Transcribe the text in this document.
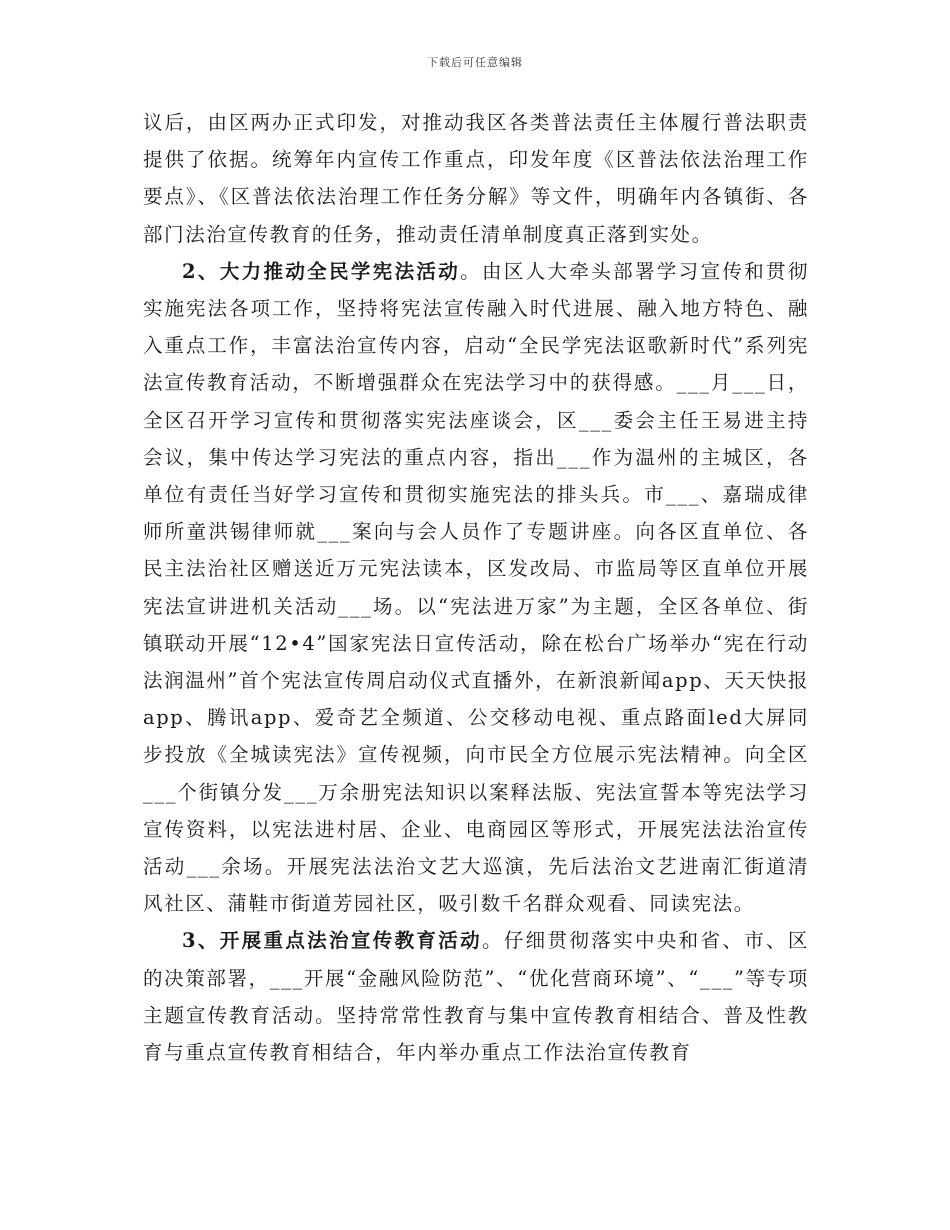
下载后可任意编辑

议后，由区两办正式印发，对推动我区各类普法责任主体履行普法职责提供了依据。统筹年内宣传工作重点，印发年度《区普法依法治理工作要点》、《区普法依法治理工作任务分解》等文件，明确年内各镇街、各部门法治宣传教育的任务，推动责任清单制度真正落到实处。

2、大力推动全民学宪法活动。由区人大牵头部署学习宣传和贯彻实施宪法各项工作，坚持将宪法宣传融入时代进展、融入地方特色、融入重点工作，丰富法治宣传内容，启动“全民学宪法讴歌新时代”系列宪法宣传教育活动，不断增强群众在宪法学习中的获得感。___月___日，全区召开学习宣传和贯彻落实宪法座谈会，区___委会主任王易进主持会议，集中传达学习宪法的重点内容，指出___作为温州的主城区，各单位有责任当好学习宣传和贯彻实施宪法的排头兵。市___、嘉瑞成律师所童洪锡律师就___案向与会人员作了专题讲座。向各区直单位、各民主法治社区赠送近万元宪法读本，区发改局、市监局等区直单位开展宪法宣讲进机关活动___场。以“宪法进万家”为主题，全区各单位、街镇联动开展“12•4”国家宪法日宣传活动，除在松台广场举办“宪在行动法润温州”首个宪法宣传周启动仪式直播外，在新浪新闻app、天天快报app、腾讯app、爱奇艺全频道、公交移动电视、重点路面led大屏同步投放《全城读宪法》宣传视频，向市民全方位展示宪法精神。向全区___个街镇分发___万余册宪法知识以案释法版、宪法宣誓本等宪法学习宣传资料，以宪法进村居、企业、电商园区等形式，开展宪法法治宣传活动___余场。开展宪法法治文艺大巡演，先后法治文艺进南汇街道清风社区、蒲鞋市街道芳园社区，吸引数千名群众观看、同读宪法。

3、开展重点法治宣传教育活动。仔细贯彻落实中央和省、市、区的决策部署，___开展“金融风险防范”、“优化营商环境”、“___”等专项主题宣传教育活动。坚持常常性教育与集中宣传教育相结合、普及性教育与重点宣传教育相结合，年内举办重点工作法治宣传教育
